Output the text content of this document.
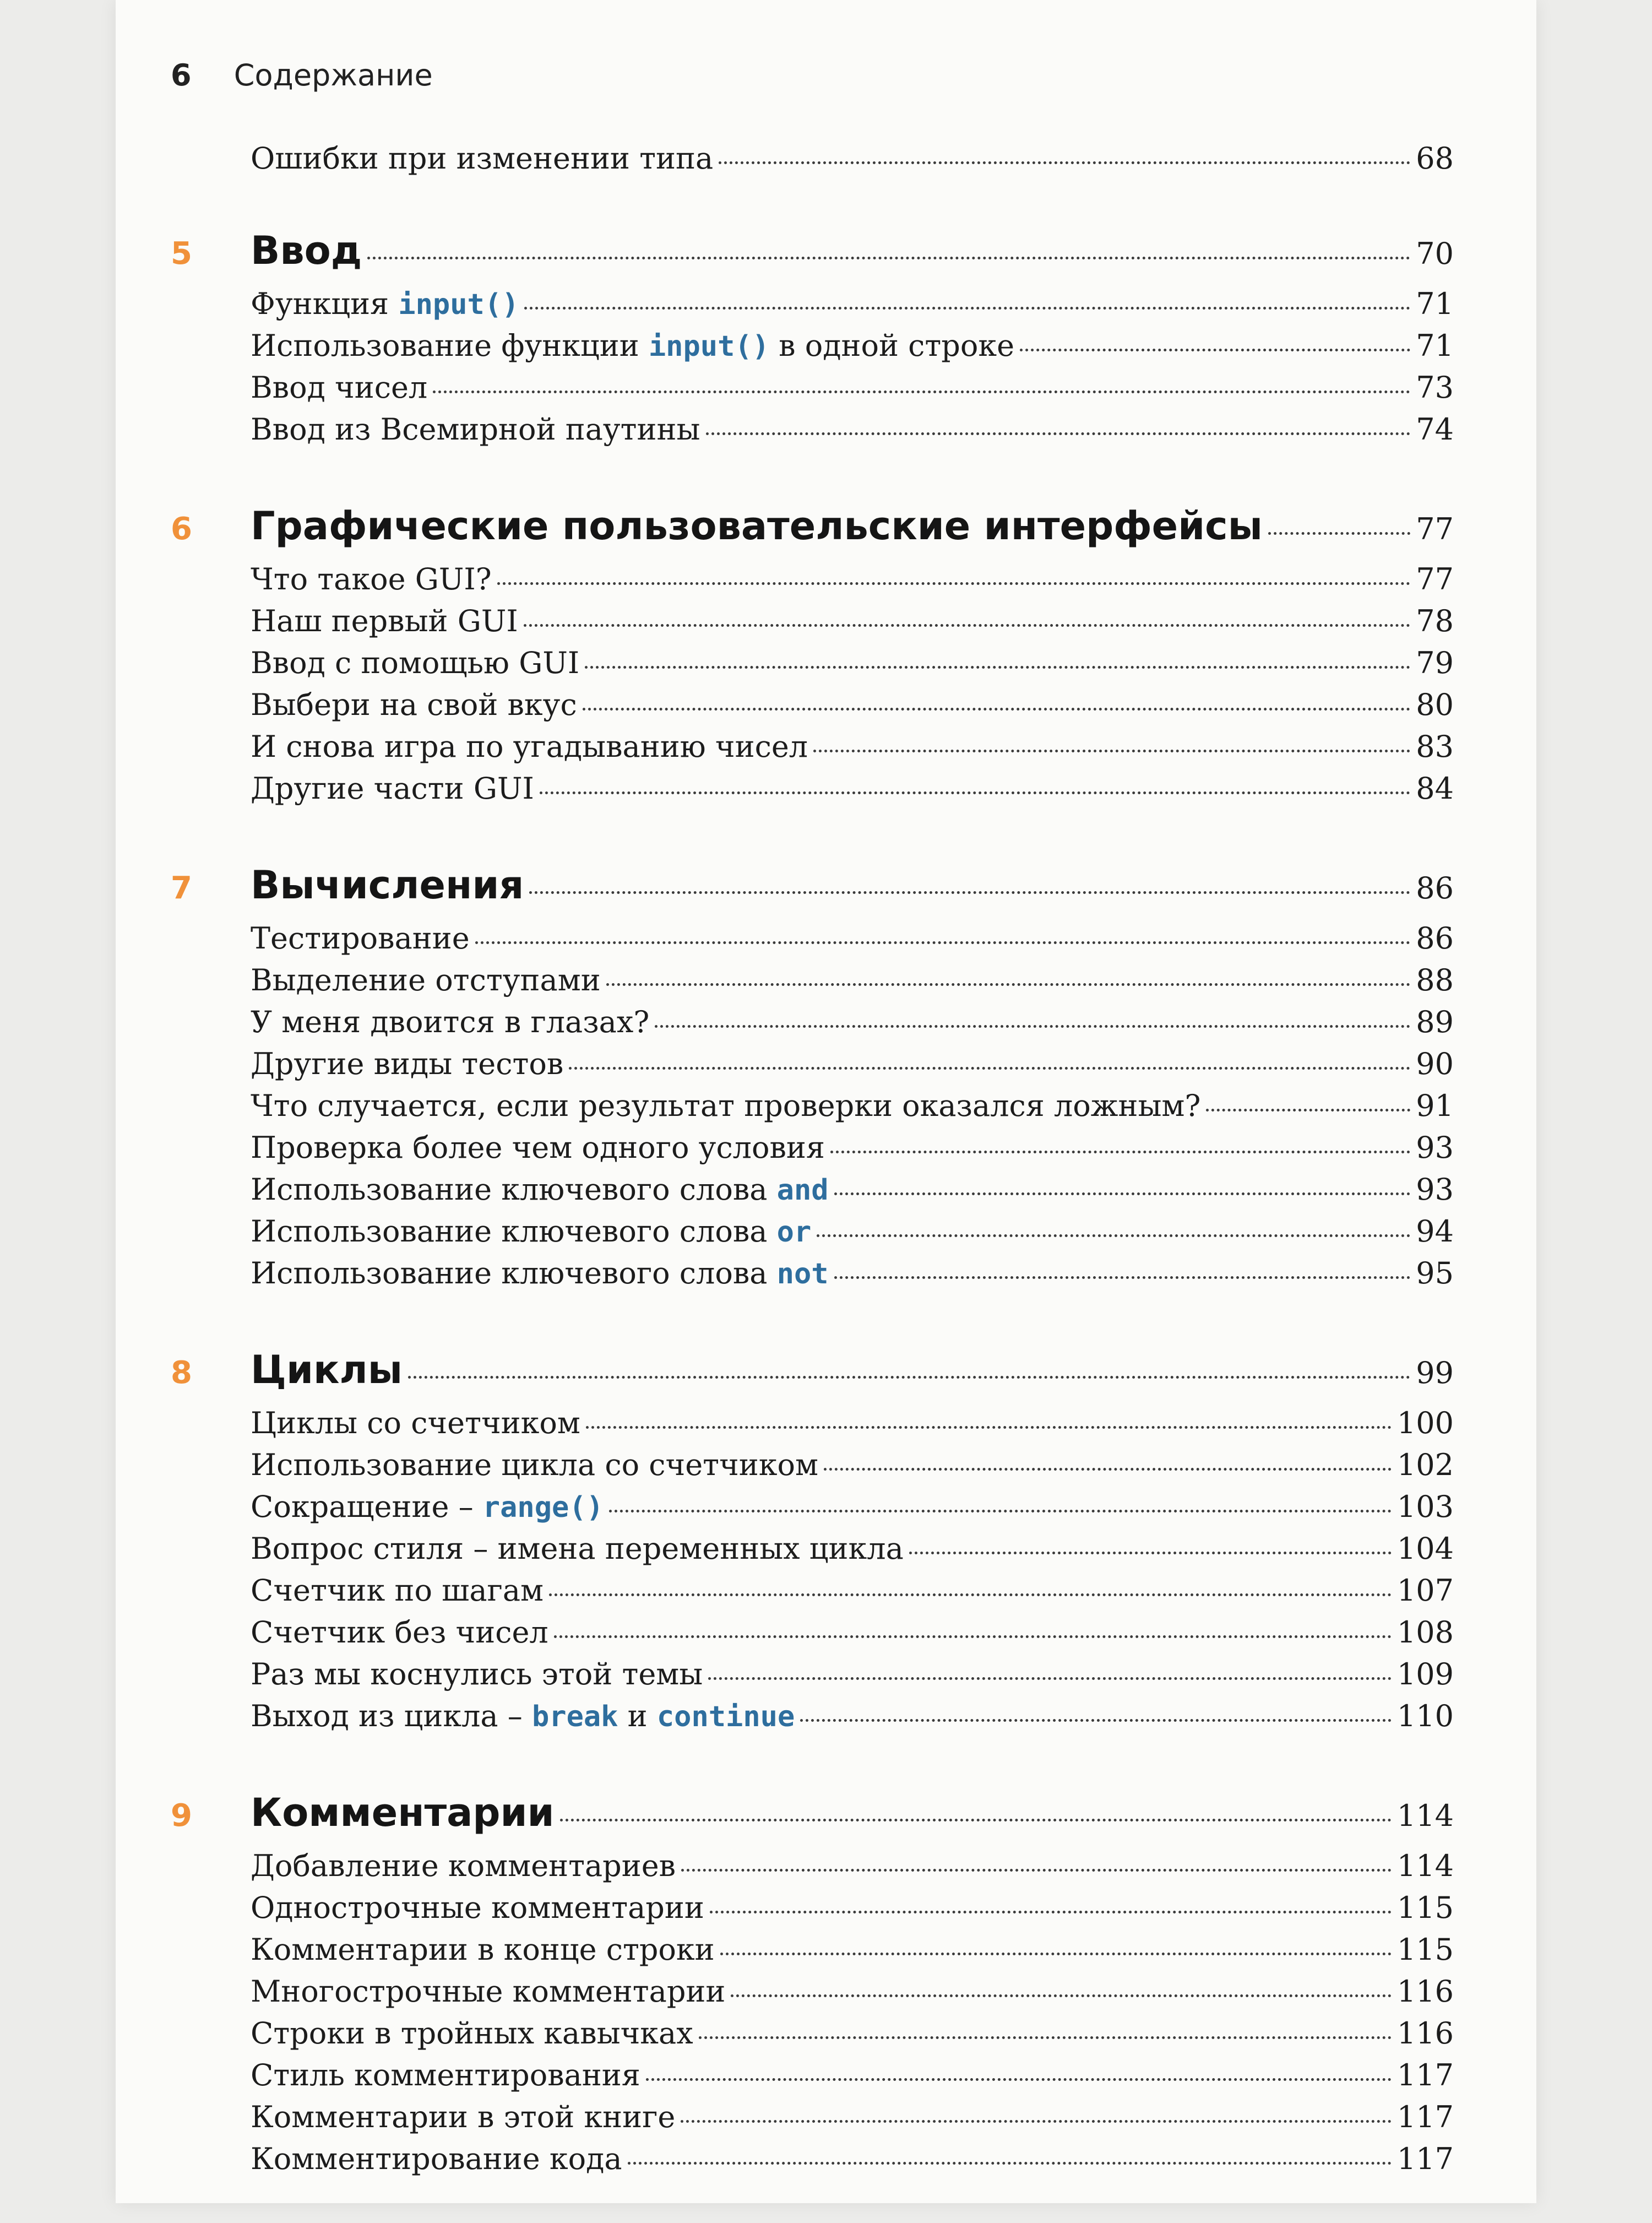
6 Содержание
Ошибки при изменении типа	68
5	Ввод	70
Функция input()	71
Использование функции input() в одной строке	71
Ввод чисел	73
Ввод из Всемирной паутины	74
6	Графические пользовательские интерфейсы	77
Что такое GUI?	77
Наш первый GUI	78
Ввод с помощью GUI	79
Выбери на свой вкус	80
И снова игра по угадыванию чисел	83
Другие части GUI	84
7	Вычисления	86
Тестирование	86
Выделение отступами	88
У меня двоится в глазах?	89
Другие виды тестов	90
Что случается, если результат проверки оказался ложным?	91
Проверка более чем одного условия	93
Использование ключевого слова and	93
Использование ключевого слова or	94
Использование ключевого слова not	95
8	Циклы	99
Циклы со счетчиком	100
Использование цикла со счетчиком	102
Сокращение – range()	103
Вопрос стиля – имена переменных цикла	104
Счетчик по шагам	107
Счетчик без чисел	108
Раз мы коснулись этой темы	109
Выход из цикла – break и continue	110
9	Комментарии	114
Добавление комментариев	114
Однострочные комментарии	115
Комментарии в конце строки	115
Многострочные комментарии	116
Строки в тройных кавычках	116
Стиль комментирования	117
Комментарии в этой книге	117
Комментирование кода	117
